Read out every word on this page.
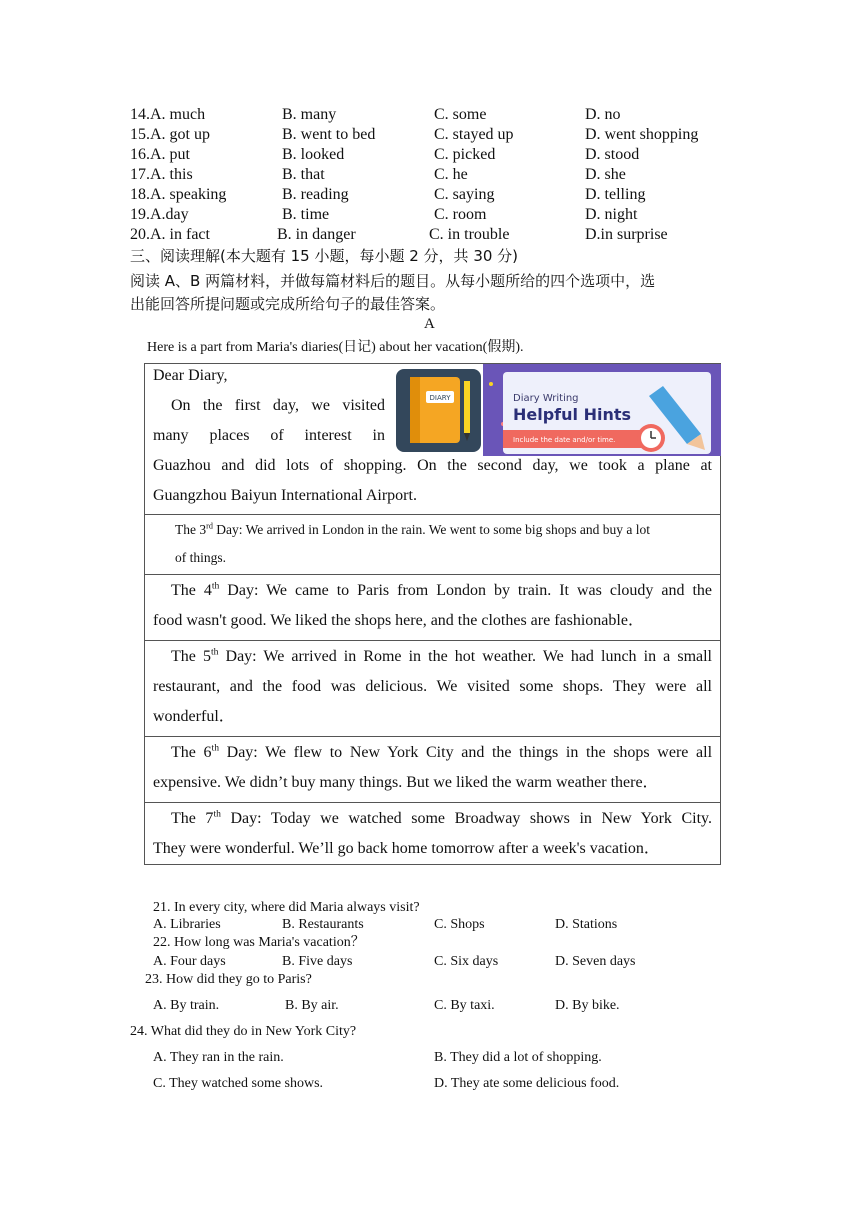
14.A. much	B. many	C. some	D. no
15.A. got up	B. went to bed	C. stayed up	D. went shopping
16.A. put	B. looked	C. picked	D. stood
17.A. this	B. that	C. he	D. she
18.A. speaking	B. reading	C. saying	D. telling
19.A.day	B. time	C. room	D. night
20.A. in fact	B. in danger	C. in trouble	D.in surprise
三、阅读理解(本大题有 15 小题，每小题 2 分，共 30 分)
阅读 A、B 两篇材料，并做每篇材料后的题目。从每小题所给的四个选项中，选
出能回答所提问题或完成所给句子的最佳答案。
A
Here is a part from Maria's diaries(日记) about her vacation(假期).
Dear Diary,
On the first day, we visited
many places of interest in
Guazhou and did lots of shopping. On the second day, we took a plane at
Guangzhou Baiyun International Airport.
DIARY	Diary Writing
Helpful Hints
Include the date and/or time.
The 3rd Day: We arrived in London in the rain. We went to some big shops and buy a lot
of things.
The 4th Day: We came to Paris from London by train. It was cloudy and the
food wasn't good. We liked the shops here, and the clothes are fashionable．
The 5th Day: We arrived in Rome in the hot weather. We had lunch in a small
restaurant, and the food was delicious. We visited some shops. They were all
wonderful．
The 6th Day: We flew to New York City and the things in the shops were all
expensive. We didn’t buy many things. But we liked the warm weather there．
The 7th Day: Today we watched some Broadway shows in New York City.
They were wonderful. We’ll go back home tomorrow after a week's vacation．
21. In every city, where did Maria always visit?
A. Libraries	B. Restaurants	C. Shops	D. Stations
22. How long was Maria's vacation？
A. Four days	B. Five days	C. Six days	D. Seven days
23. How did they go to Paris?
A. By train.	B. By air.	C. By taxi.	D. By bike.
24. What did they do in New York City?
A. They ran in the rain.	B. They did a lot of shopping.
C. They watched some shows.	D. They ate some delicious food.
